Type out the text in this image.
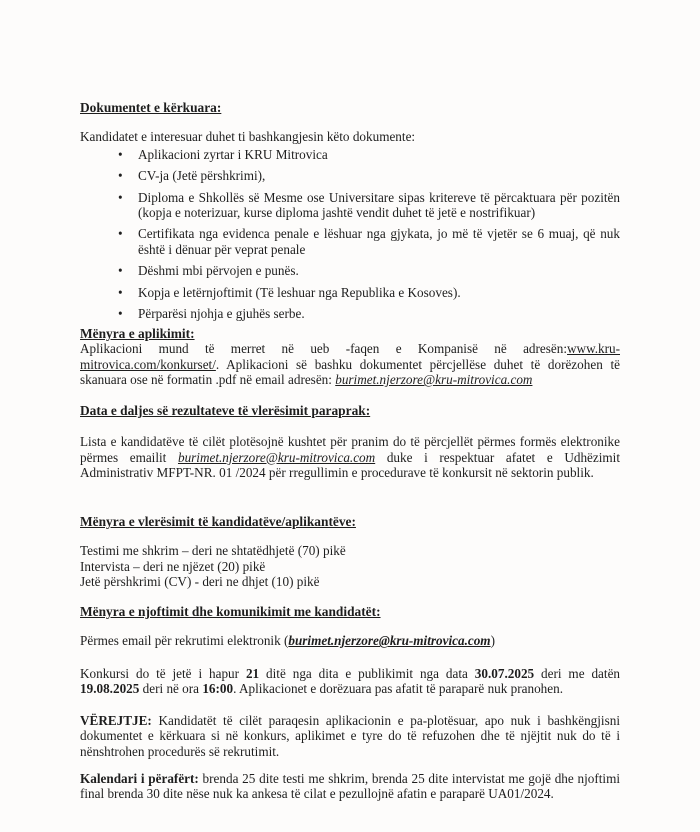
Dokumentet e kërkuara:
Kandidatet e interesuar duhet ti bashkangjesin këto dokumente:
• Aplikacioni zyrtar i KRU Mitrovica
• CV-ja (Jetë përshkrimi),
• Diploma e Shkollës së Mesme ose Universitare sipas kritereve të përcaktuara për pozitën (kopja e noterizuar, kurse diploma jashtë vendit duhet të jetë e nostrifikuar)
• Certifikata nga evidenca penale e lëshuar nga gjykata, jo më të vjetër se 6 muaj, që nuk është i dënuar për veprat penale
• Dëshmi mbi përvojen e punës.
• Kopja e letërnjoftimit (Të leshuar nga Republika e Kosoves).
• Përparësi njohja e gjuhës serbe.
Mënyra e aplikimit:
Aplikacioni mund të merret në ueb -faqen e Kompanisë në adresën:www.kru-mitrovica.com/konkurset/. Aplikacioni së bashku dokumentet përcjellëse duhet të dorëzohen të skanuara ose në formatin .pdf në email adresën: burimet.njerzore@kru-mitrovica.com
Data e daljes së rezultateve të vlerësimit paraprak:
Lista e kandidatëve të cilët plotësojnë kushtet për pranim do të përcjellët përmes formës elektronike përmes emailit burimet.njerzore@kru-mitrovica.com duke i respektuar afatet e Udhëzimit Administrativ MFPT-NR. 01 /2024 për rregullimin e procedurave të konkursit në sektorin publik.
Mënyra e vlerësimit të kandidatëve/aplikantëve:
Testimi me shkrim – deri ne shtatëdhjetë (70) pikë
Intervista – deri ne njëzet (20) pikë
Jetë përshkrimi (CV) - deri ne dhjet (10) pikë
Mënyra e njoftimit dhe komunikimit me kandidatët:
Përmes email për rekrutimi elektronik (burimet.njerzore@kru-mitrovica.com)
Konkursi do të jetë i hapur 21 ditë nga dita e publikimit nga data 30.07.2025 deri me datën 19.08.2025 deri në ora 16:00. Aplikacionet e dorëzuara pas afatit të paraparë nuk pranohen.
VËREJTJE: Kandidatët të cilët paraqesin aplikacionin e pa-plotësuar, apo nuk i bashkëngjisni dokumentet e kërkuara si në konkurs, aplikimet e tyre do të refuzohen dhe të njëjtit nuk do të i nënshtrohen procedurës së rekrutimit.
Kalendari i përafërt: brenda 25 dite testi me shkrim, brenda 25 dite intervistat me gojë dhe njoftimi final brenda 30 dite nëse nuk ka ankesa të cilat e pezullojnë afatin e paraparë UA01/2024.
